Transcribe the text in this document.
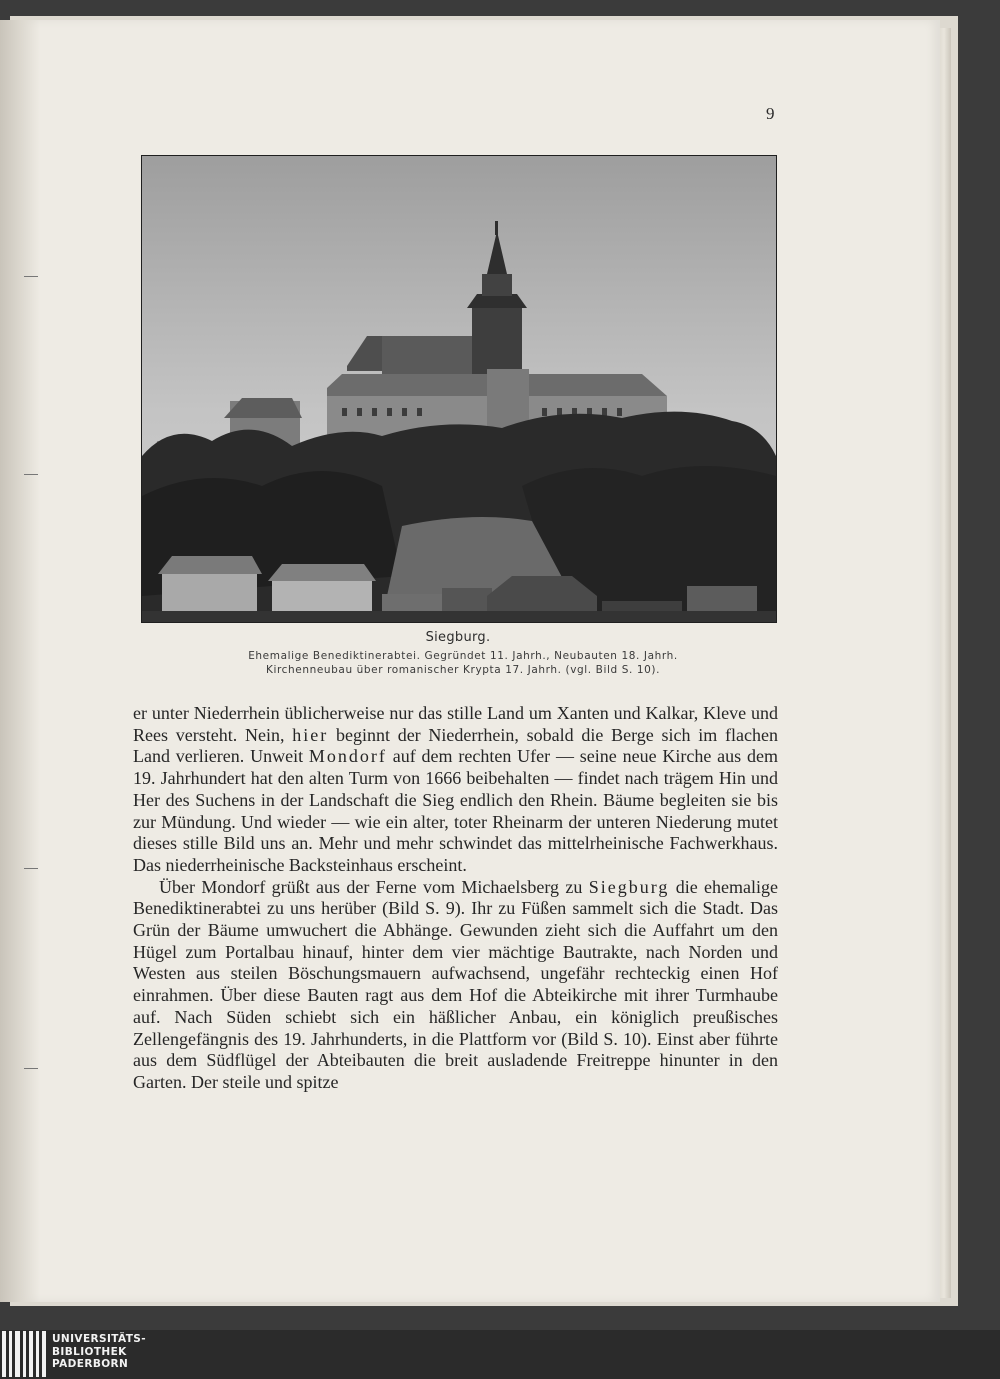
9
Siegburg.
Ehemalige Benediktinerabtei. Gegründet 11. Jahrh., Neubauten 18. Jahrh.
Kirchenneubau über romanischer Krypta 17. Jahrh. (vgl. Bild S. 10).

er unter Niederrhein üblicherweise nur das stille Land um Xanten und Kalkar, Kleve und Rees versteht. Nein, hier beginnt der Niederrhein, sobald die Berge sich im flachen Land verlieren. Unweit Mondorf auf dem rechten Ufer — seine neue Kirche aus dem 19. Jahrhundert hat den alten Turm von 1666 beibehalten — findet nach trägem Hin und Her des Suchens in der Landschaft die Sieg endlich den Rhein. Bäume begleiten sie bis zur Mündung. Und wieder — wie ein alter, toter Rheinarm der unteren Niederung mutet dieses stille Bild uns an. Mehr und mehr schwindet das mittelrheinische Fachwerkhaus. Das niederrheinische Backsteinhaus erscheint.

Über Mondorf grüßt aus der Ferne vom Michaelsberg zu Siegburg die ehemalige Benediktinerabtei zu uns herüber (Bild S. 9). Ihr zu Füßen sammelt sich die Stadt. Das Grün der Bäume umwuchert die Abhänge. Gewunden zieht sich die Auffahrt um den Hügel zum Portalbau hinauf, hinter dem vier mächtige Bautrakte, nach Norden und Westen aus steilen Böschungsmauern aufwachsend, ungefähr rechteckig einen Hof einrahmen. Über diese Bauten ragt aus dem Hof die Abteikirche mit ihrer Turmhaube auf. Nach Süden schiebt sich ein häßlicher Anbau, ein königlich preußisches Zellengefängnis des 19. Jahrhunderts, in die Plattform vor (Bild S. 10). Einst aber führte aus dem Südflügel der Abteibauten die breit ausladende Freitreppe hinunter in den Garten. Der steile und spitze

UNIVERSITÄTS-
BIBLIOTHEK
PADERBORN
